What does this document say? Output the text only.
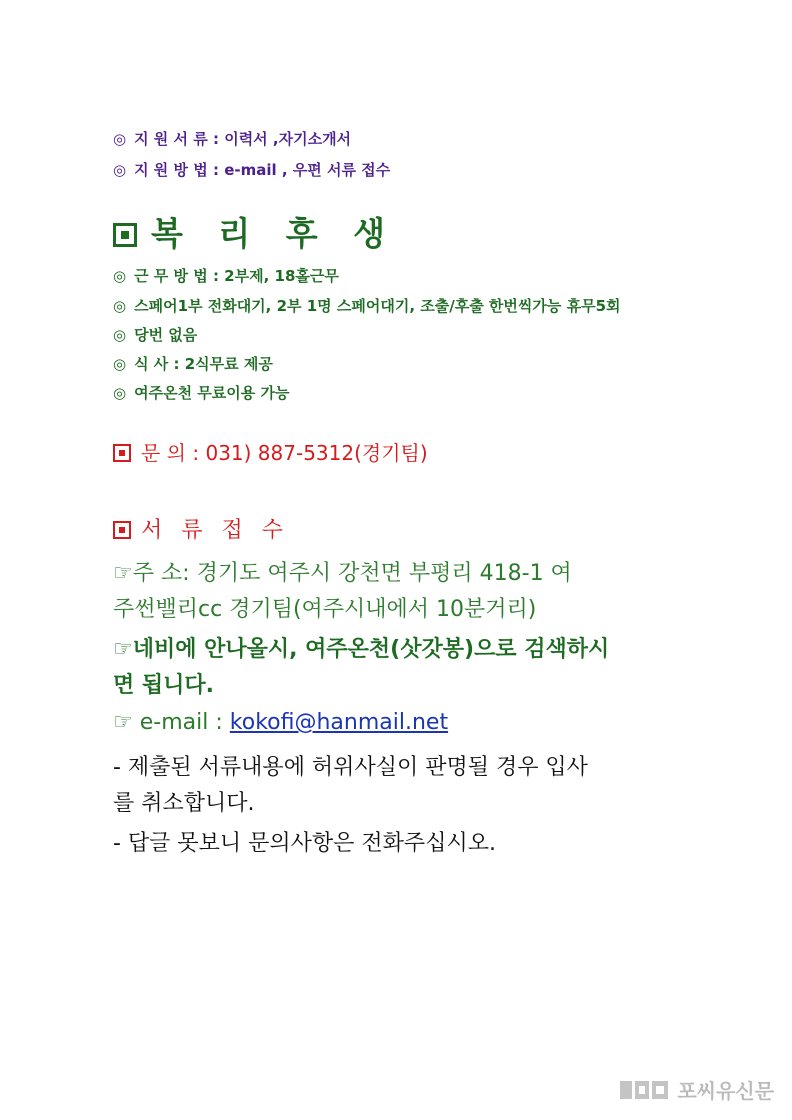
◎ 지 원 서 류 : 이력서 ,자기소개서
◎ 지 원 방 법 : e-mail , 우편 서류 접수
복 리 후 생
◎ 근 무 방 법 : 2부제, 18홀근무
◎ 스페어1부 전화대기, 2부 1명 스페어대기, 조출/후출 한번씩가능 휴무5회
◎ 당번 없음
◎ 식 사 : 2식무료 제공
◎ 여주온천 무료이용 가능
문 의 : 031) 887-5312(경기팀)
서 류 접 수
☞주 소: 경기도 여주시 강천면 부평리 418-1 여
주썬밸리cc 경기팀(여주시내에서 10분거리)
☞네비에 안나올시, 여주온천(삿갓봉)으로 검색하시
면 됩니다.
☞ e-mail : kokofi@hanmail.net
- 제출된 서류내용에 허위사실이 판명될 경우 입사
를 취소합니다.
- 답글 못보니 문의사항은 전화주십시오.
포씨유신문
